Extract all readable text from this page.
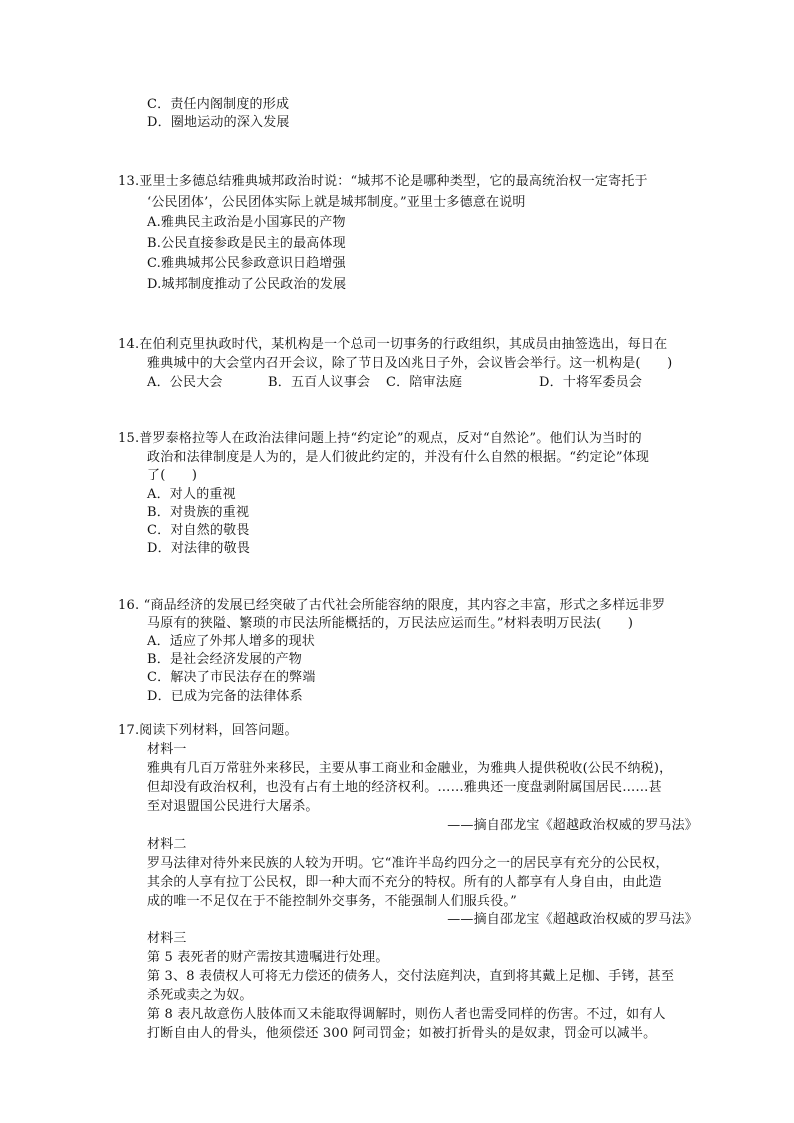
C．责任内阁制度的形成
D．圈地运动的深入发展
13.亚里士多德总结雅典城邦政治时说：“城邦不论是哪种类型，它的最高统治权一定寄托于
‘公民团体’，公民团体实际上就是城邦制度。”亚里士多德意在说明
A.雅典民主政治是小国寡民的产物
B.公民直接参政是民主的最高体现
C.雅典城邦公民参政意识日趋增强
D.城邦制度推动了公民政治的发展
14.在伯利克里执政时代，某机构是一个总司一切事务的行政组织，其成员由抽签选出，每日在
雅典城中的大会堂内召开会议，除了节日及凶兆日子外，会议皆会举行。这一机构是(　　)
A．公民大会	B．五百人议事会 C．陪审法庭	D．十将军委员会
15.普罗泰格拉等人在政治法律问题上持“约定论”的观点，反对“自然论”。他们认为当时的
政治和法律制度是人为的，是人们彼此约定的，并没有什么自然的根据。“约定论”体现
了(　　)
A．对人的重视
B．对贵族的重视
C．对自然的敬畏
D．对法律的敬畏
16. “商品经济的发展已经突破了古代社会所能容纳的限度，其内容之丰富，形式之多样远非罗
马原有的狭隘、繁琐的市民法所能概括的，万民法应运而生。”材料表明万民法(　　)
A．适应了外邦人增多的现状
B．是社会经济发展的产物
C．解决了市民法存在的弊端
D．已成为完备的法律体系
17.阅读下列材料，回答问题。
材料一
雅典有几百万常驻外来移民，主要从事工商业和金融业，为雅典人提供税收(公民不纳税)，
但却没有政治权利，也没有占有土地的经济权利。……雅典还一度盘剥附属国居民……甚
至对退盟国公民进行大屠杀。
——摘自邵龙宝《超越政治权威的罗马法》
材料二
罗马法律对待外来民族的人较为开明。它“准许半岛约四分之一的居民享有充分的公民权，
其余的人享有拉丁公民权，即一种大而不充分的特权。所有的人都享有人身自由，由此造
成的唯一不足仅在于不能控制外交事务，不能强制人们服兵役。”
——摘自邵龙宝《超越政治权威的罗马法》
材料三
第 5 表死者的财产需按其遗嘱进行处理。
第 3、8 表债权人可将无力偿还的债务人，交付法庭判决，直到将其戴上足枷、手铐，甚至
杀死或卖之为奴。
第 8 表凡故意伤人肢体而又未能取得调解时，则伤人者也需受同样的伤害。不过，如有人
打断自由人的骨头，他须偿还 300 阿司罚金；如被打折骨头的是奴隶，罚金可以减半。
